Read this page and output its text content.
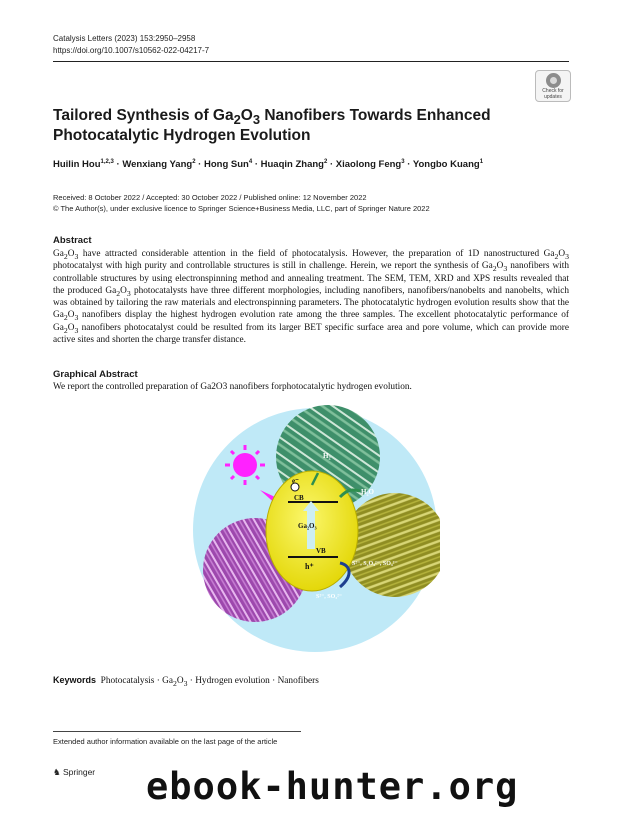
Catalysis Letters (2023) 153:2950–2958
https://doi.org/10.1007/s10562-022-04217-7
Check for updates
Tailored Synthesis of $Ga_2O_3$ Nanofibers Towards Enhanced
Photocatalytic Hydrogen Evolution
Huilin Hou$^{1,2,3}$ · Wenxiang Yang$^2$ · Hong Sun$^4$ · Huaqin Zhang$^2$ · Xiaolong Feng$^3$ · Yongbo Kuang$^1$
Received: 8 October 2022 / Accepted: 30 October 2022 / Published online: 12 November 2022
© The Author(s), under exclusive licence to Springer Science+Business Media, LLC, part of Springer Nature 2022
Abstract
$Ga_2O_3$ have attracted considerable attention in the field of photocatalysis. However, the preparation of 1D nanostructured $Ga_2O_3$ photocatalyst with high purity and controllable structures is still in challenge. Herein, we report the synthesis of $Ga_2O_3$ nanofibers with controllable structures by using electronspinning method and annealing treatment. The SEM, TEM, XRD and XPS results revealed that the produced $Ga_2O_3$ photocatalysts have three different morphologies, including nanofibers, nanofibers/nanobelts and nanobelts, which was obtained by tailoring the raw materials and electronspinning parameters. The photocatalytic hydrogen evolution results show that the $Ga_2O_3$ nanofibers display the highest hydrogen evolution rate among the three samples. The excellent photocatalytic performance of $Ga_2O_3$ nanofibers photocatalyst could be resulted from its larger BET specific surface area and pore volume, which can provide more active sites and shorten the charge transfer distance.
Graphical Abstract
We report the controlled preparation of Ga2O3 nanofibers forphotocatalytic hydrogen evolution.
H₂
e⁻
H₂O
CB
Ga₂O₃
VB
h⁺	S²⁻, S₂O₃²⁻, SO₄²⁻
S²⁻, SO₃²⁻
Keywords Photocatalysis · $Ga_2O_3$ · Hydrogen evolution · Nanofibers
Extended author information available on the last page of the article
♞ Springer ebook-hunter.org
